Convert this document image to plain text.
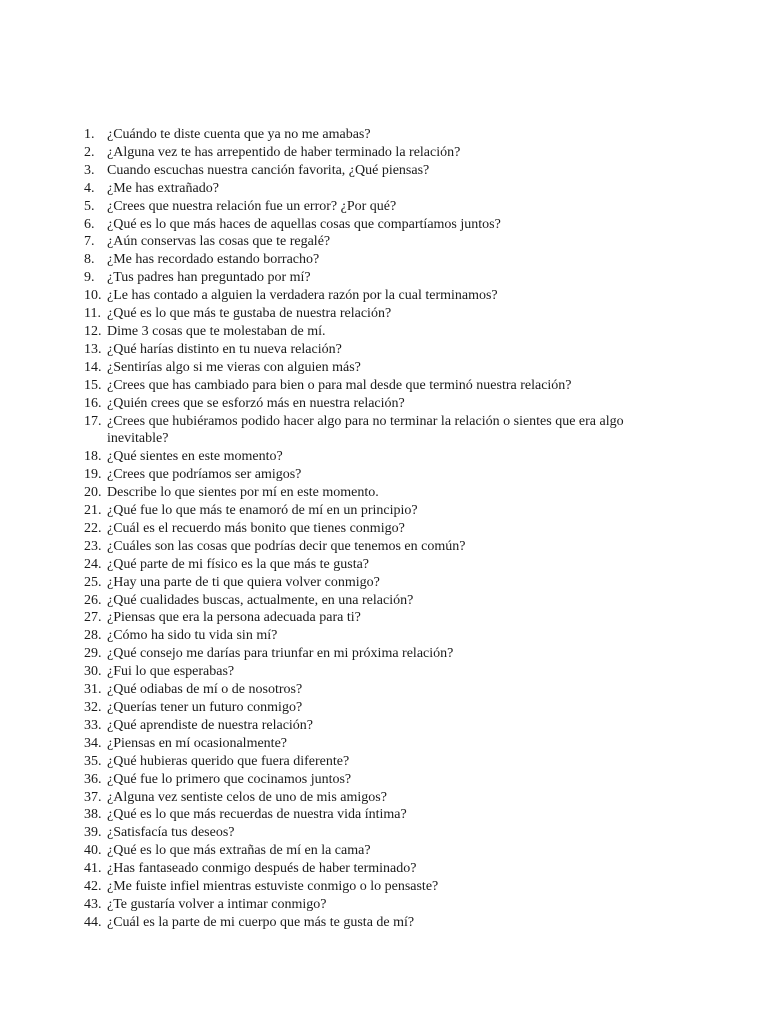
1. ¿Cuándo te diste cuenta que ya no me amabas?
2. ¿Alguna vez te has arrepentido de haber terminado la relación?
3. Cuando escuchas nuestra canción favorita, ¿Qué piensas?
4. ¿Me has extrañado?
5. ¿Crees que nuestra relación fue un error? ¿Por qué?
6. ¿Qué es lo que más haces de aquellas cosas que compartíamos juntos?
7. ¿Aún conservas las cosas que te regalé?
8. ¿Me has recordado estando borracho?
9. ¿Tus padres han preguntado por mí?
10. ¿Le has contado a alguien la verdadera razón por la cual terminamos?
11. ¿Qué es lo que más te gustaba de nuestra relación?
12. Dime 3 cosas que te molestaban de mí.
13. ¿Qué harías distinto en tu nueva relación?
14. ¿Sentirías algo si me vieras con alguien más?
15. ¿Crees que has cambiado para bien o para mal desde que terminó nuestra relación?
16. ¿Quién crees que se esforzó más en nuestra relación?
17. ¿Crees que hubiéramos podido hacer algo para no terminar la relación o sientes que era algo inevitable?
18. ¿Qué sientes en este momento?
19. ¿Crees que podríamos ser amigos?
20. Describe lo que sientes por mí en este momento.
21. ¿Qué fue lo que más te enamoró de mí en un principio?
22. ¿Cuál es el recuerdo más bonito que tienes conmigo?
23. ¿Cuáles son las cosas que podrías decir que tenemos en común?
24. ¿Qué parte de mi físico es la que más te gusta?
25. ¿Hay una parte de ti que quiera volver conmigo?
26. ¿Qué cualidades buscas, actualmente, en una relación?
27. ¿Piensas que era la persona adecuada para ti?
28. ¿Cómo ha sido tu vida sin mí?
29. ¿Qué consejo me darías para triunfar en mi próxima relación?
30. ¿Fui lo que esperabas?
31. ¿Qué odiabas de mí o de nosotros?
32. ¿Querías tener un futuro conmigo?
33. ¿Qué aprendiste de nuestra relación?
34. ¿Piensas en mí ocasionalmente?
35. ¿Qué hubieras querido que fuera diferente?
36. ¿Qué fue lo primero que cocinamos juntos?
37. ¿Alguna vez sentiste celos de uno de mis amigos?
38. ¿Qué es lo que más recuerdas de nuestra vida íntima?
39. ¿Satisfacía tus deseos?
40. ¿Qué es lo que más extrañas de mí en la cama?
41. ¿Has fantaseado conmigo después de haber terminado?
42. ¿Me fuiste infiel mientras estuviste conmigo o lo pensaste?
43. ¿Te gustaría volver a intimar conmigo?
44. ¿Cuál es la parte de mi cuerpo que más te gusta de mí?
